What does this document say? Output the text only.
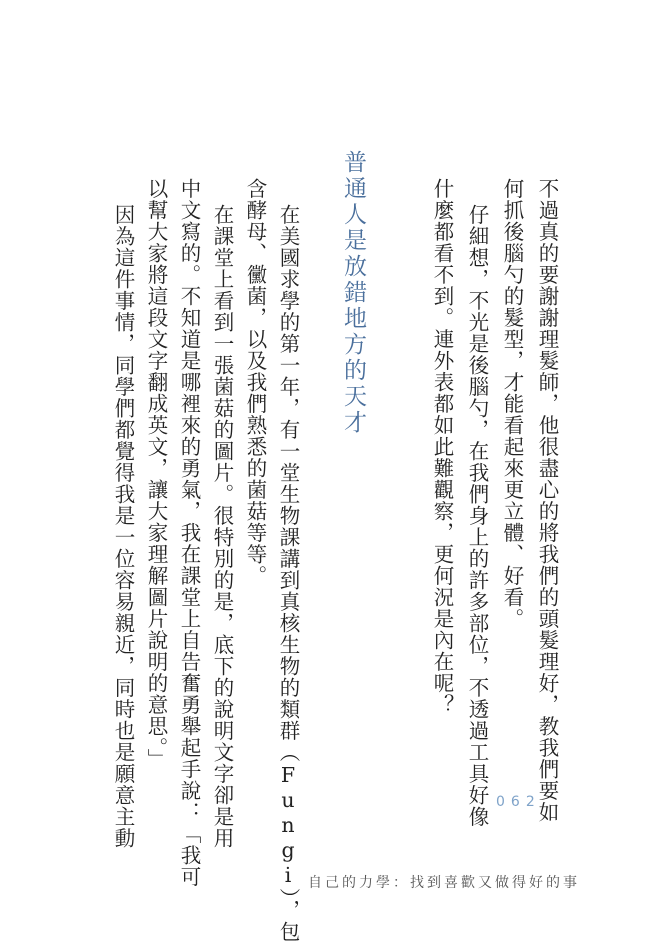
不過真的要謝謝理髮師，他很盡心的將我們的頭髮理好，教我們要如
何抓後腦勺的髮型，才能看起來更立體、好看。
仔細想，不光是後腦勺，在我們身上的許多部位，不透過工具好像
什麼都看不到。連外表都如此難觀察，更何況是內在呢？
普通人是放錯地方的天才
在美國求學的第一年，有一堂生物課講到真核生物的類群（Fungi），包
含酵母、黴菌，以及我們熟悉的菌菇等等。
在課堂上看到一張菌菇的圖片。很特別的是，底下的說明文字卻是用
中文寫的。不知道是哪裡來的勇氣，我在課堂上自告奮勇舉起手說：「我可
以幫大家將這段文字翻成英文，讓大家理解圖片說明的意思。」
因為這件事情，同學們都覺得我是一位容易親近，同時也是願意主動	062
自己的力學：找到喜歡又做得好的事
